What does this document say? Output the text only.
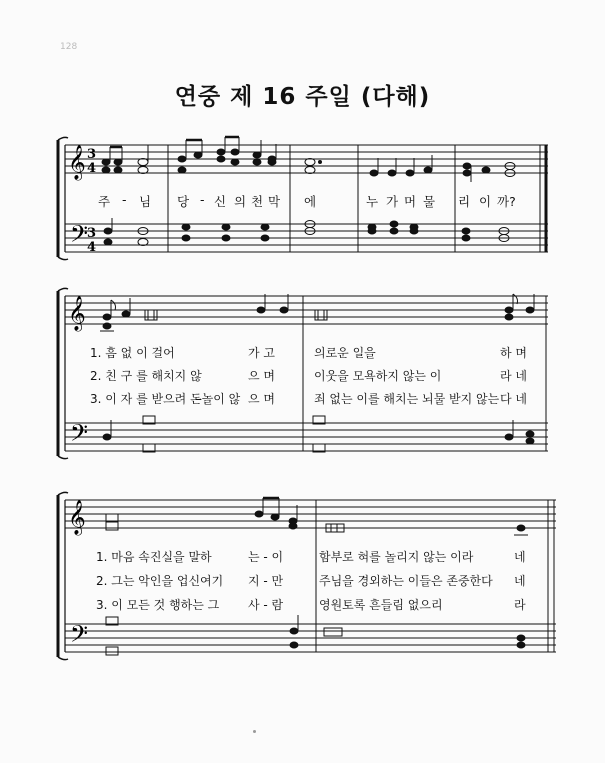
128
연중 제 16 주일 (다해)
𝄞
𝄢
3
4
3
4
𝄞
𝄢
𝄞
𝄢
주 - 님 당 - 신 의 천 막 에	누 가 머 물 리 이 까?
1. 흠 없 이 걸어	가 고	의로운 일을	하 며
2. 친 구 를 해치지 않	으 며	이웃을 모욕하지 않는 이	라 네
3. 이 자 를 받으려 돈놀이 않 으 며	죄 없는 이를 해치는 뇌물 받지 않는 다 네
1. 마음 속진실을 말하	는 - 이	함부로 혀를 놀리지 않는 이라	네
2. 그는 악인을 업신여기 지 - 만	주님을 경외하는 이들은 존중한다 네
3. 이 모든 것 행하는 그 사 - 람	영원토록 흔들림 없으리	라
